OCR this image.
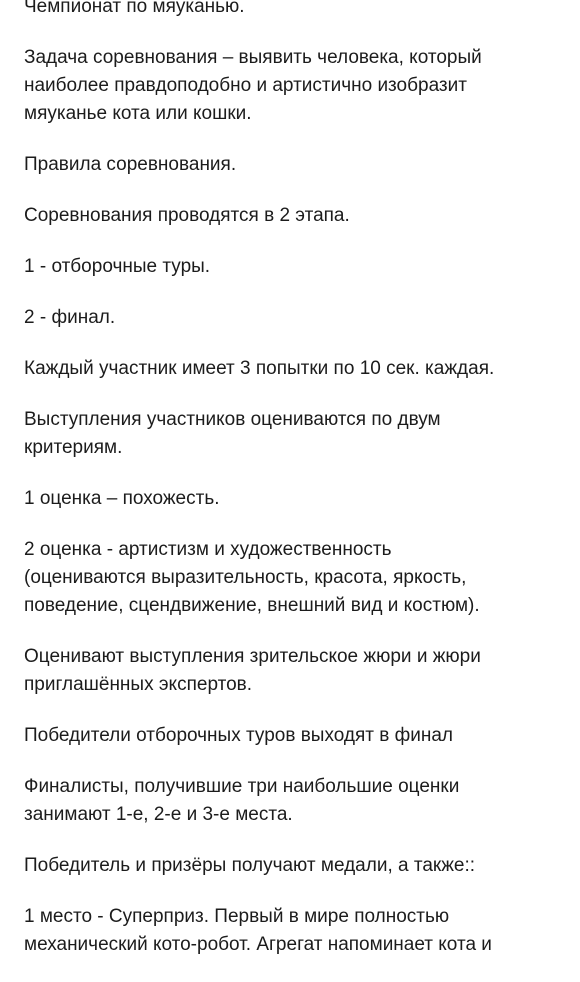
Чемпионат по мяуканью.

Задача соревнования – выявить человека, который
наиболее правдоподобно и артистично изобразит
мяуканье кота или кошки.

Правила соревнования.

Соревнования проводятся в 2 этапа.

1 - отборочные туры.

2 - финал.

Каждый участник имеет 3 попытки по 10 сек. каждая.

Выступления участников оцениваются по двум
критериям.

1 оценка – похожесть.

2 оценка - артистизм и художественность
(оцениваются выразительность, красота, яркость,
поведение, сцендвижение, внешний вид и костюм).

Оценивают выступления зрительское жюри и жюри
приглашённых экспертов.

Победители отборочных туров выходят в финал

Финалисты, получившие три наибольшие оценки
занимают 1-е, 2-е и 3-е места.

Победитель и призёры получают медали, а также::

1 место - Суперприз. Первый в мире полностью
механический кото-робот. Агрегат напоминает кота и
